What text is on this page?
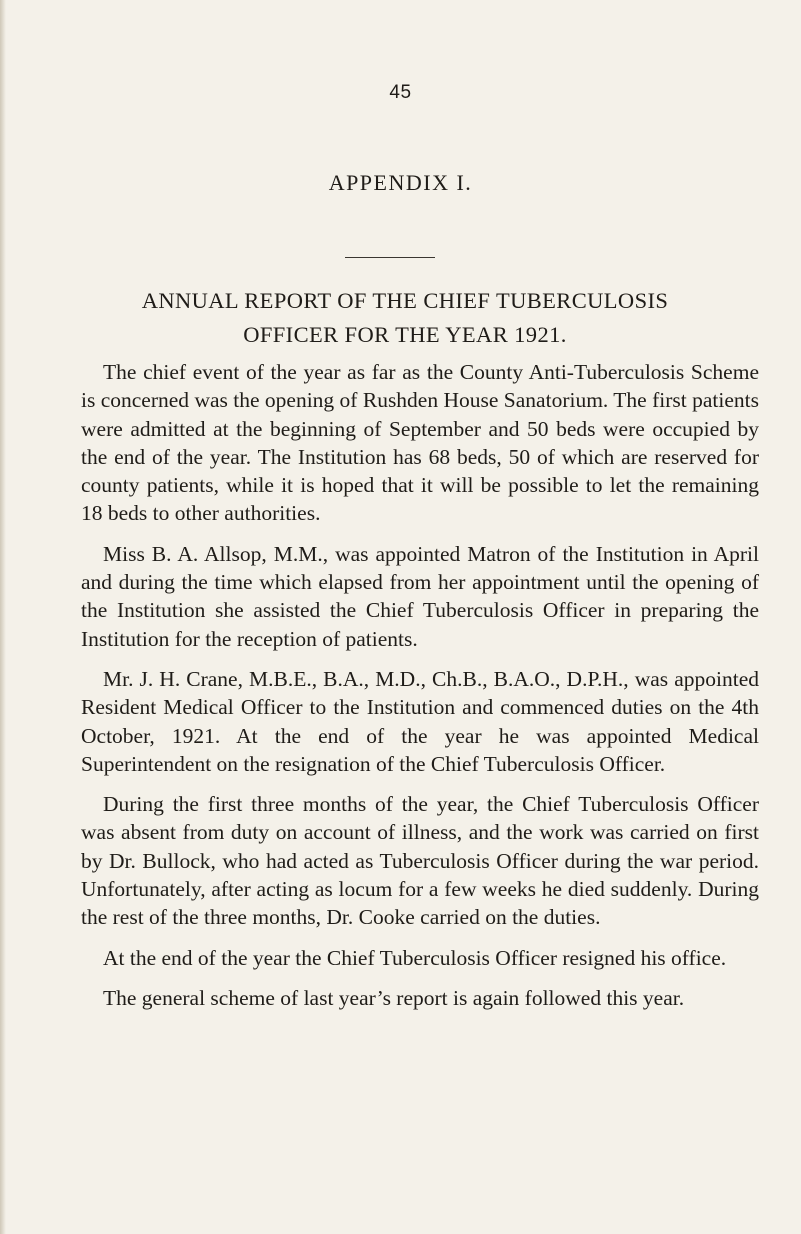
45
APPENDIX I.
ANNUAL REPORT OF THE CHIEF TUBERCULOSIS
OFFICER FOR THE YEAR 1921.

The chief event of the year as far as the County Anti-Tuberculosis Scheme is concerned was the opening of Rushden House Sanatorium. The first patients were admitted at the beginning of September and 50 beds were occupied by the end of the year. The Institution has 68 beds, 50 of which are reserved for county patients, while it is hoped that it will be possible to let the remaining 18 beds to other authorities.

Miss B. A. Allsop, M.M., was appointed Matron of the Institution in April and during the time which elapsed from her appointment until the opening of the Institution she assisted the Chief Tuberculosis Officer in preparing the Institution for the reception of patients.

Mr. J. H. Crane, M.B.E., B.A., M.D., Ch.B., B.A.O., D.P.H., was appointed Resident Medical Officer to the Institution and commenced duties on the 4th October, 1921. At the end of the year he was appointed Medical Superintendent on the resignation of the Chief Tuberculosis Officer.

During the first three months of the year, the Chief Tuberculosis Officer was absent from duty on account of illness, and the work was carried on first by Dr. Bullock, who had acted as Tuberculosis Officer during the war period. Unfortunately, after acting as locum for a few weeks he died suddenly. During the rest of the three months, Dr. Cooke carried on the duties.

At the end of the year the Chief Tuberculosis Officer resigned his office.

The general scheme of last year’s report is again followed this year.
